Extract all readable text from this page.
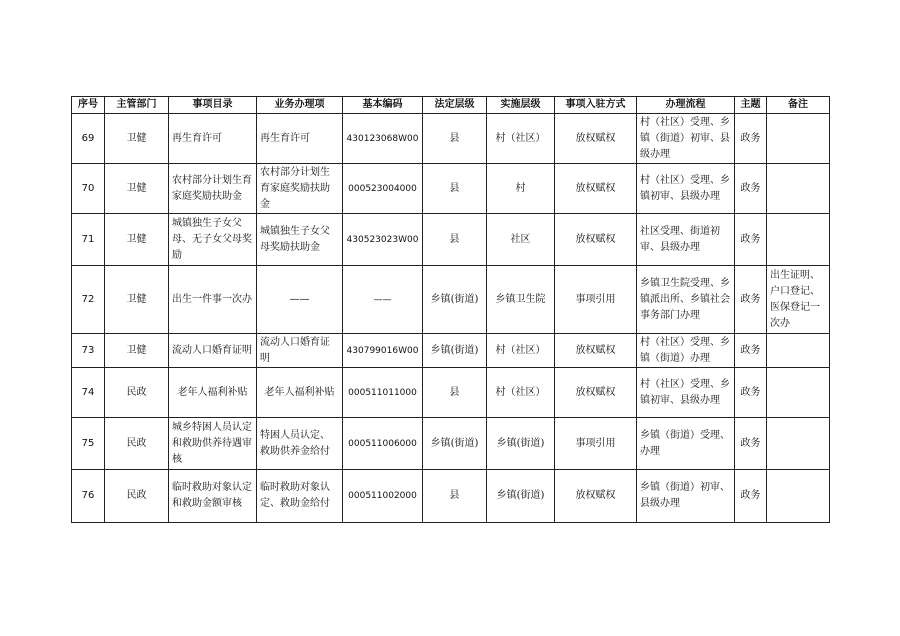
序号	主管部门	事项目录	业务办理项	基本编码	法定层级	实施层级	事项入驻方式	办理流程	主题	备注
69	卫健	再生育许可	再生育许可	430123068W00	县	村（社区）	放权赋权	村（社区）受理、乡镇（街道）初审、县级办理	政务	
70	卫健	农村部分计划生育家庭奖励扶助金	农村部分计划生育家庭奖励扶助金	000523004000	县	村	放权赋权	村（社区）受理、乡镇初审、县级办理	政务	
71	卫健	城镇独生子女父母、无子女父母奖励	城镇独生子女父母奖励扶助金	430523023W00	县	社区	放权赋权	社区受理、街道初审、县级办理	政务	
72	卫健	出生一件事一次办	——	——	乡镇(街道)	乡镇卫生院	事项引用	乡镇卫生院受理、乡镇派出所、乡镇社会事务部门办理	政务	出生证明、户口登记、医保登记一次办
73	卫健	流动人口婚育证明	流动人口婚育证明	430799016W00	乡镇(街道)	村（社区）	放权赋权	村（社区）受理、乡镇（街道）办理	政务	
74	民政	老年人福利补贴	老年人福利补贴	000511011000	县	村（社区）	放权赋权	村（社区）受理、乡镇初审、县级办理	政务	
75	民政	城乡特困人员认定和救助供养待遇审核	特困人员认定、救助供养金给付	000511006000	乡镇(街道)	乡镇(街道)	事项引用	乡镇（街道）受理、办理	政务	
76	民政	临时救助对象认定和救助金额审核	临时救助对象认定、救助金给付	000511002000	县	乡镇(街道)	放权赋权	乡镇（街道）初审、县级办理	政务	
